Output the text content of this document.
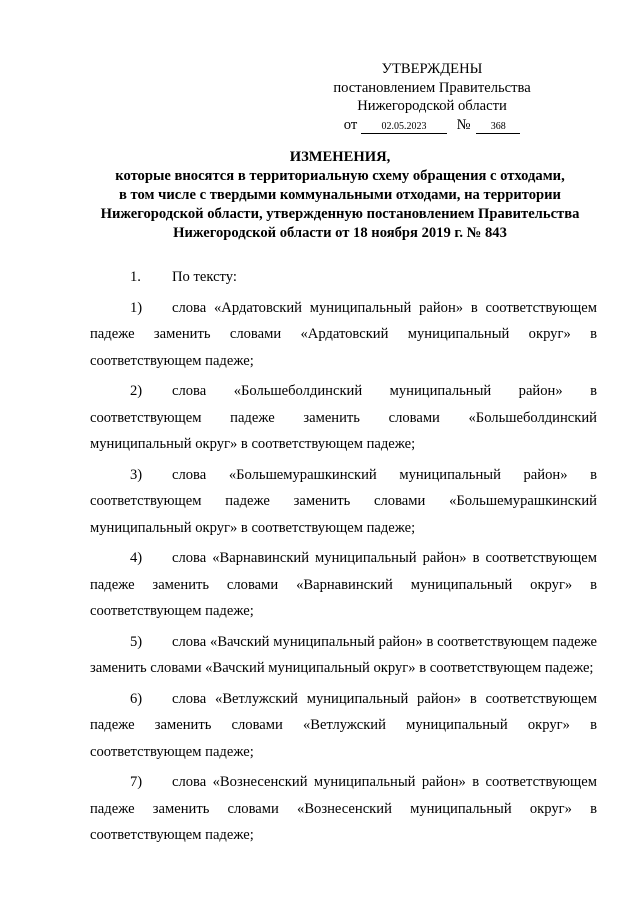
УТВЕРЖДЕНЫ
постановлением Правительства
Нижегородской области
от 02.05.2023 № 368
ИЗМЕНЕНИЯ,
которые вносятся в территориальную схему обращения с отходами,
в том числе с твердыми коммунальными отходами, на территории
Нижегородской области, утвержденную постановлением Правительства
Нижегородской области от 18 ноября 2019 г. № 843

1. По тексту:

1) слова «Ардатовский муниципальный район» в соответствующем падеже заменить словами «Ардатовский муниципальный округ» в соответствующем падеже;

2) слова «Большеболдинский муниципальный район» в соответствующем падеже заменить словами «Большеболдинский муниципальный округ» в соответствующем падеже;

3) слова «Большемурашкинский муниципальный район» в соответствующем падеже заменить словами «Большемурашкинский муниципальный округ» в соответствующем падеже;

4) слова «Варнавинский муниципальный район» в соответствующем падеже заменить словами «Варнавинский муниципальный округ» в соответствующем падеже;

5) слова «Вачский муниципальный район» в соответствующем падеже заменить словами «Вачский муниципальный округ» в соответствующем падеже;

6) слова «Ветлужский муниципальный район» в соответствующем падеже заменить словами «Ветлужский муниципальный округ» в соответствующем падеже;

7) слова «Вознесенский муниципальный район» в соответствующем падеже заменить словами «Вознесенский муниципальный округ» в соответствующем падеже;
